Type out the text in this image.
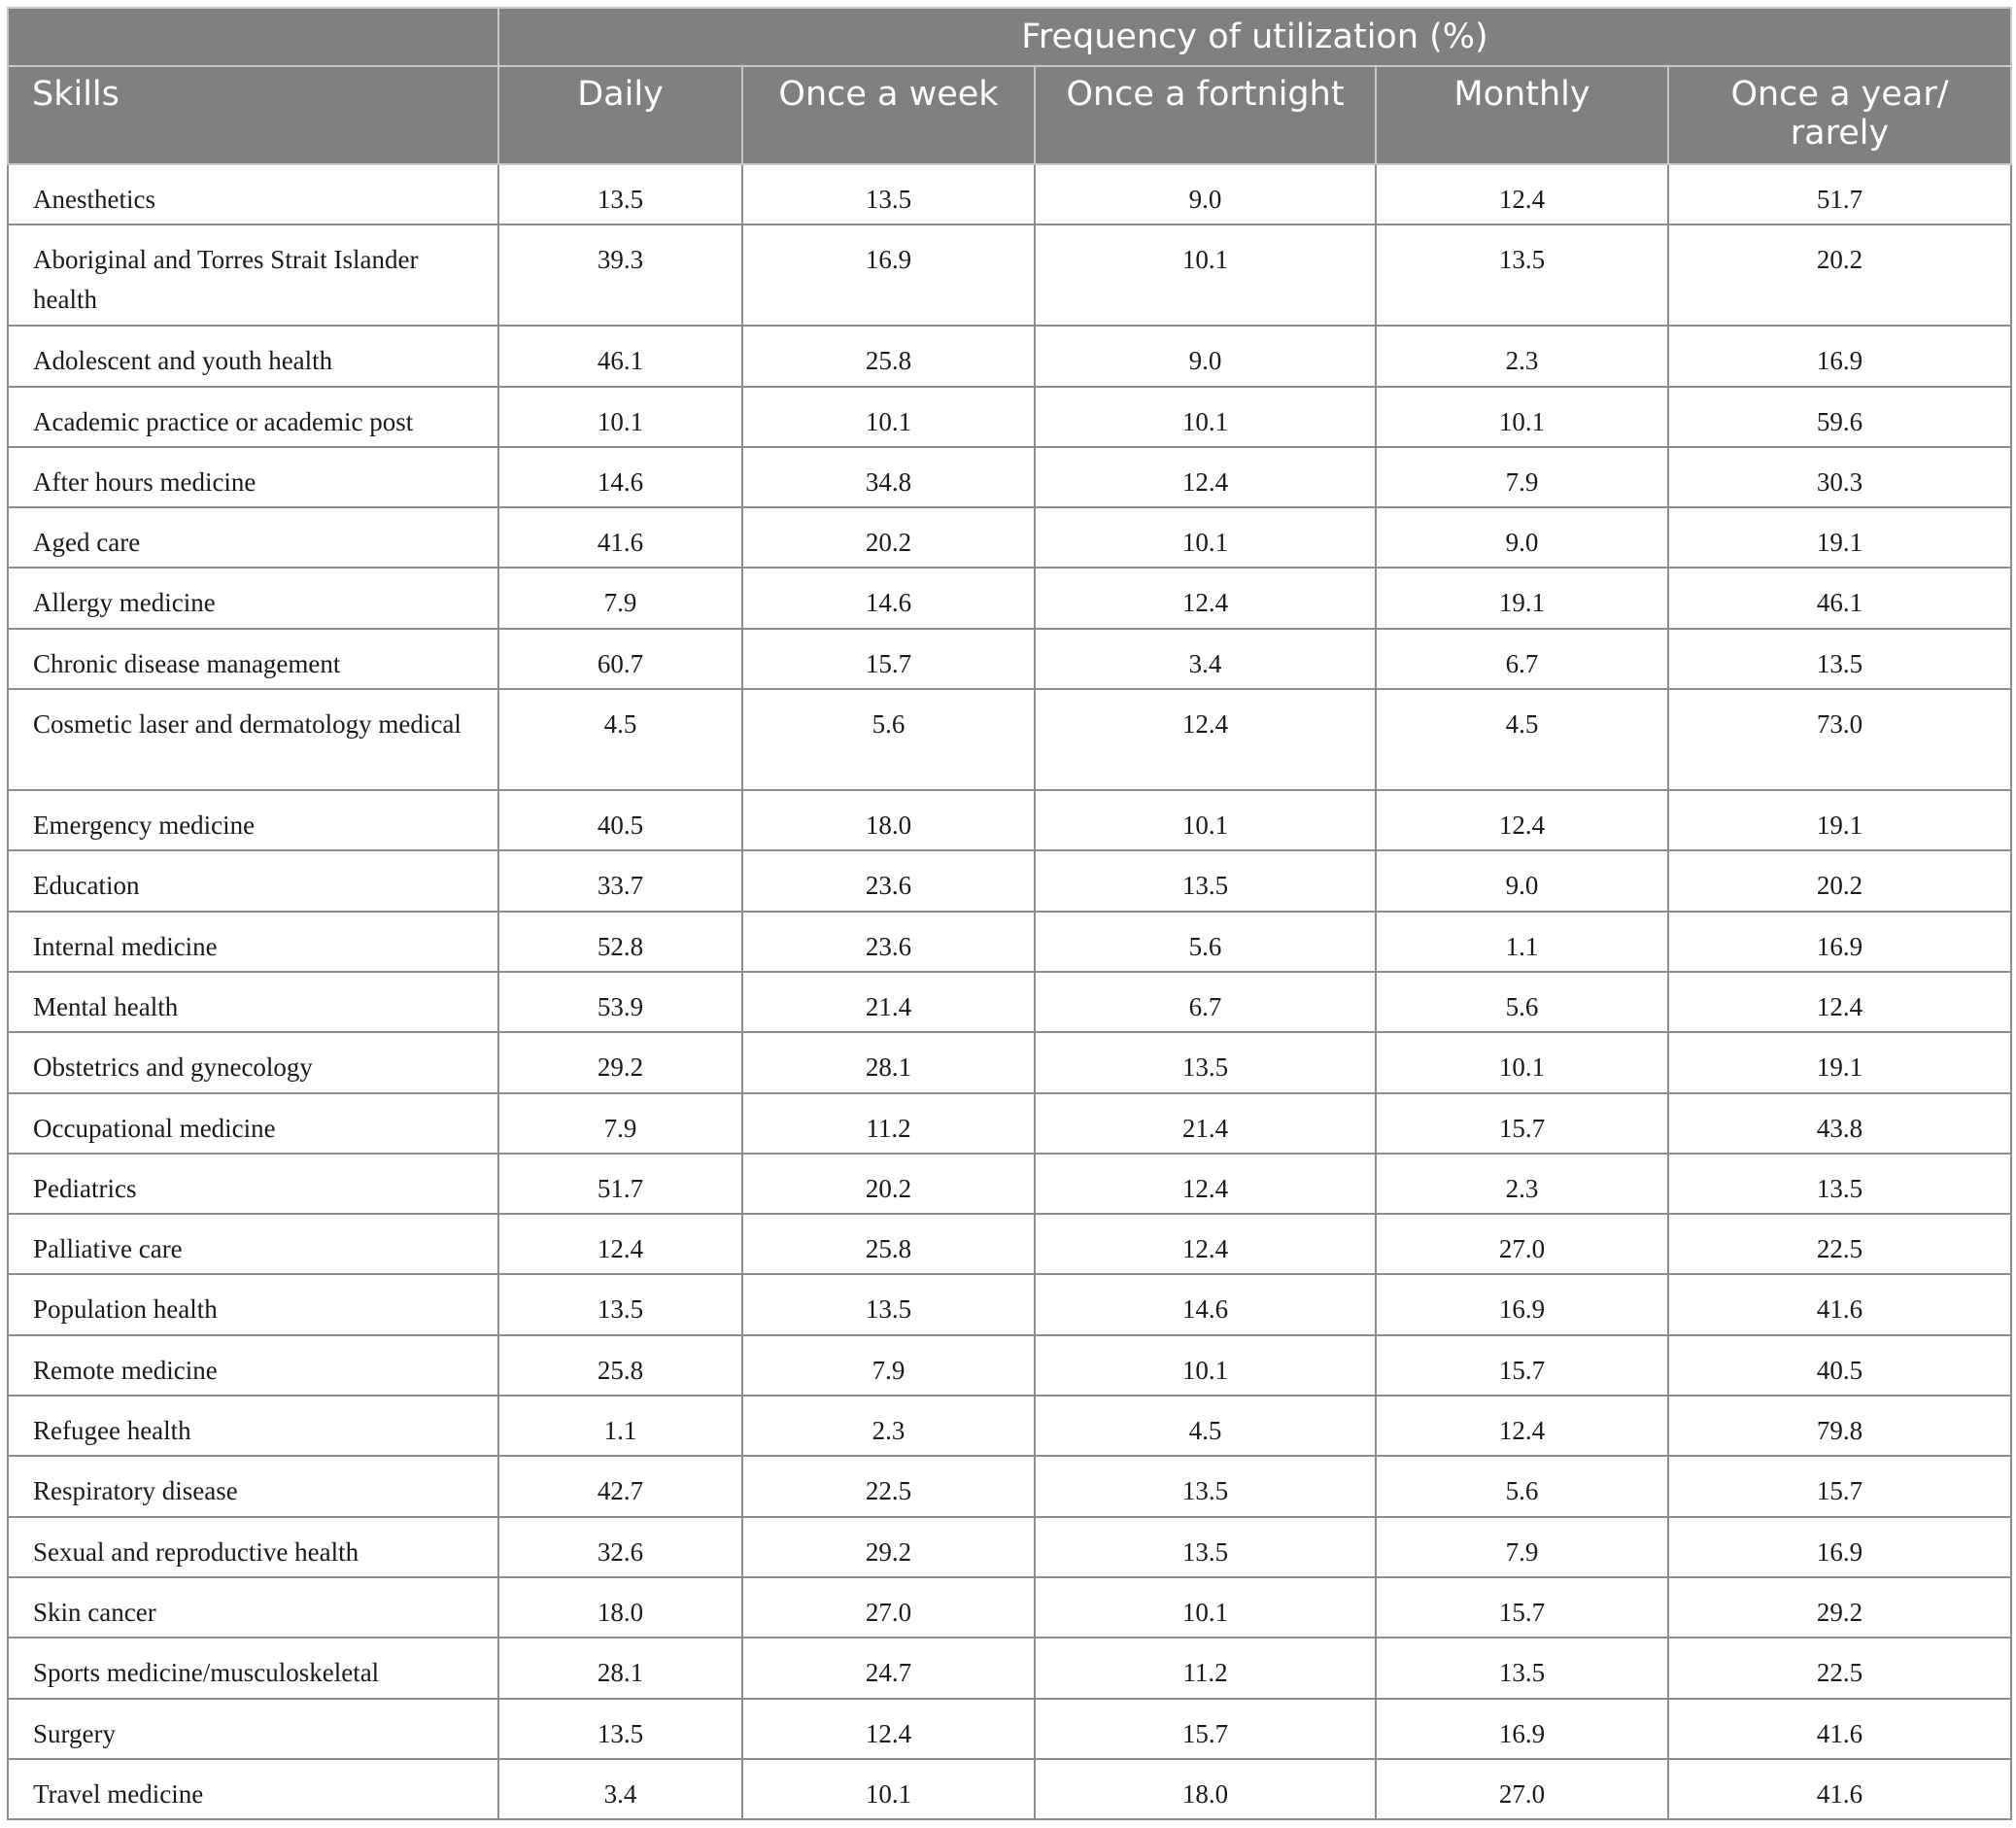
	Frequency of utilization (%)				
Skills	Daily	Once a week	Once a fortnight	Monthly	Once a year/ rarely
Anesthetics	13.5	13.5	9.0	12.4	51.7
Aboriginal and Torres Strait Islander health	39.3	16.9	10.1	13.5	20.2
Adolescent and youth health	46.1	25.8	9.0	2.3	16.9
Academic practice or academic post	10.1	10.1	10.1	10.1	59.6
After hours medicine	14.6	34.8	12.4	7.9	30.3
Aged care	41.6	20.2	10.1	9.0	19.1
Allergy medicine	7.9	14.6	12.4	19.1	46.1
Chronic disease management	60.7	15.7	3.4	6.7	13.5
Cosmetic laser and dermatology medical	4.5	5.6	12.4	4.5	73.0
Emergency medicine	40.5	18.0	10.1	12.4	19.1
Education	33.7	23.6	13.5	9.0	20.2
Internal medicine	52.8	23.6	5.6	1.1	16.9
Mental health	53.9	21.4	6.7	5.6	12.4
Obstetrics and gynecology	29.2	28.1	13.5	10.1	19.1
Occupational medicine	7.9	11.2	21.4	15.7	43.8
Pediatrics	51.7	20.2	12.4	2.3	13.5
Palliative care	12.4	25.8	12.4	27.0	22.5
Population health	13.5	13.5	14.6	16.9	41.6
Remote medicine	25.8	7.9	10.1	15.7	40.5
Refugee health	1.1	2.3	4.5	12.4	79.8
Respiratory disease	42.7	22.5	13.5	5.6	15.7
Sexual and reproductive health	32.6	29.2	13.5	7.9	16.9
Skin cancer	18.0	27.0	10.1	15.7	29.2
Sports medicine/musculoskeletal	28.1	24.7	11.2	13.5	22.5
Surgery	13.5	12.4	15.7	16.9	41.6
Travel medicine	3.4	10.1	18.0	27.0	41.6
